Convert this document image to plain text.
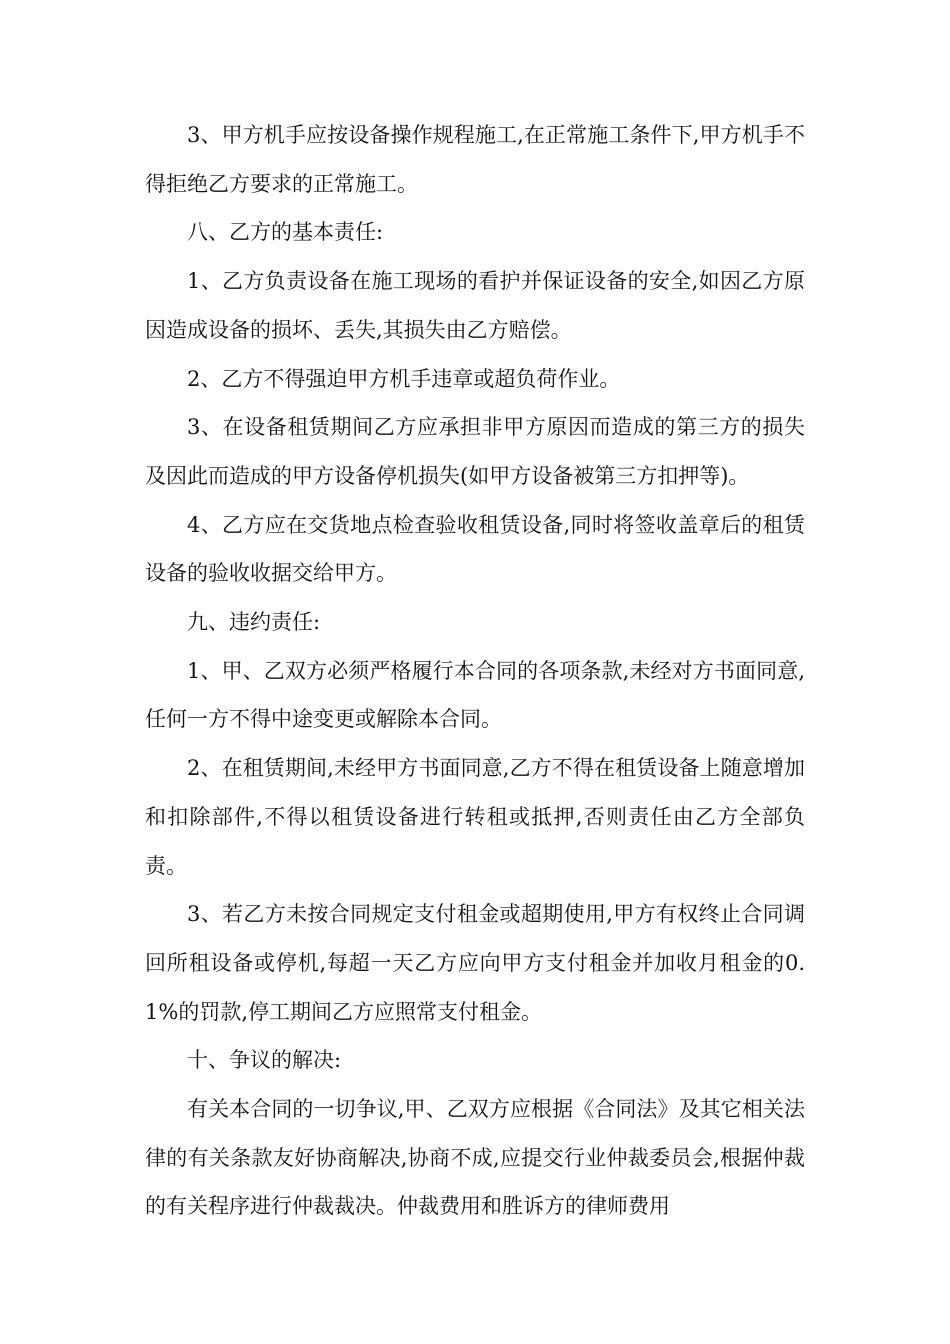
3、甲方机手应按设备操作规程施工,在正常施工条件下,甲方机手不得拒绝乙方要求的正常施工。

八、乙方的基本责任:

1、乙方负责设备在施工现场的看护并保证设备的安全,如因乙方原因造成设备的损坏、丢失,其损失由乙方赔偿。

2、乙方不得强迫甲方机手违章或超负荷作业。

3、在设备租赁期间乙方应承担非甲方原因而造成的第三方的损失及因此而造成的甲方设备停机损失(如甲方设备被第三方扣押等)。

4、乙方应在交货地点检查验收租赁设备,同时将签收盖章后的租赁设备的验收收据交给甲方。

九、违约责任:

1、甲、乙双方必须严格履行本合同的各项条款,未经对方书面同意,任何一方不得中途变更或解除本合同。

2、在租赁期间,未经甲方书面同意,乙方不得在租赁设备上随意增加和扣除部件,不得以租赁设备进行转租或抵押,否则责任由乙方全部负责。

3、若乙方未按合同规定支付租金或超期使用,甲方有权终止合同调回所租设备或停机,每超一天乙方应向甲方支付租金并加收月租金的0.1%的罚款,停工期间乙方应照常支付租金。

十、争议的解决:

有关本合同的一切争议,甲、乙双方应根据《合同法》及其它相关法律的有关条款友好协商解决,协商不成,应提交行业仲裁委员会,根据仲裁的有关程序进行仲裁裁决。仲裁费用和胜诉方的律师费用
